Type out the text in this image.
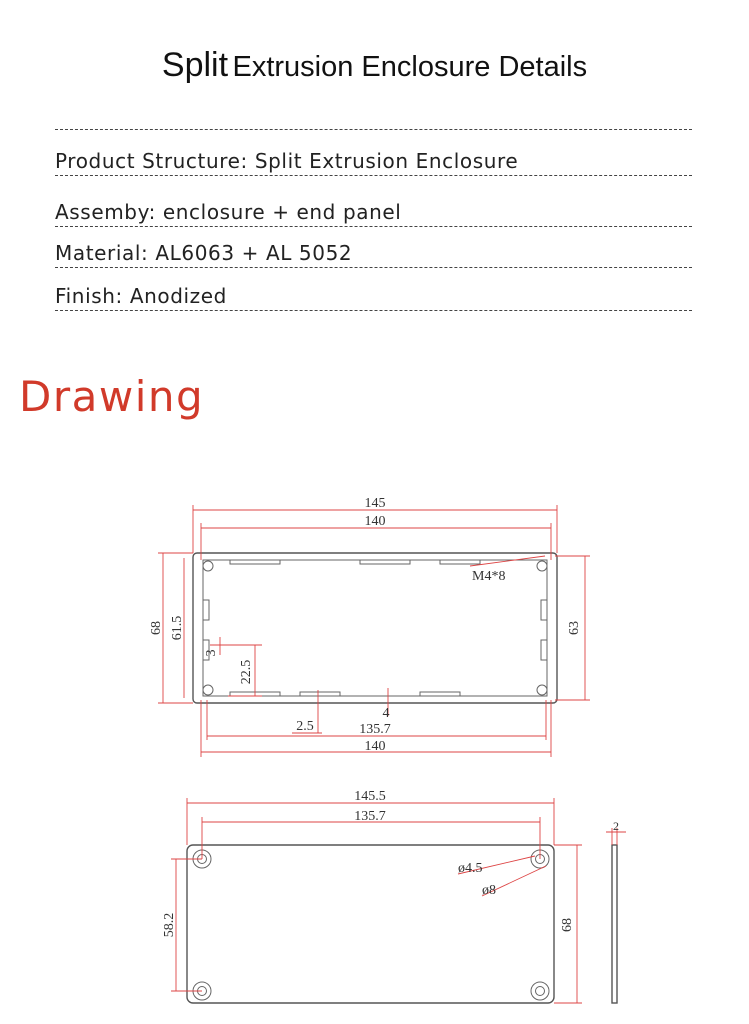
Split Extrusion Enclosure Details
Product Structure: Split Extrusion Enclosure
Assemby: enclosure + end panel
Material: AL6063 + AL 5052
Finish: Anodized
Drawing
145
140
M4*8
68 61.5	63
3
22.5
4
2.5	135.7
140
145.5
135.7
ø4.5
ø8
58.2	68
2
